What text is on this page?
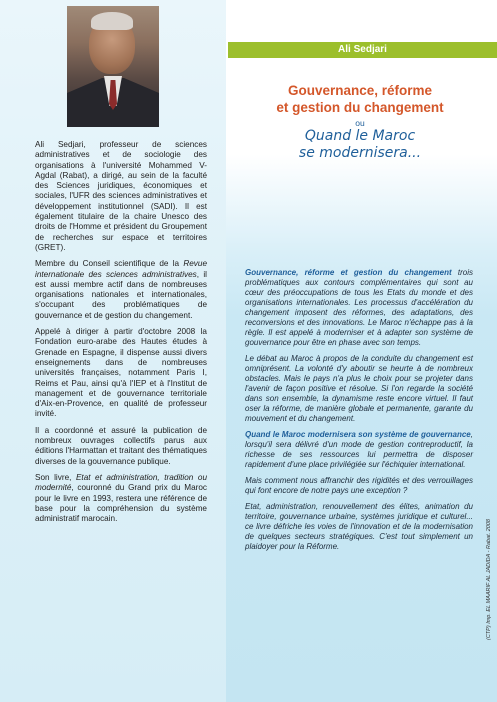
Ali Sedjari
Gouvernance, réforme
et gestion du changement
ou
Quand le Maroc
se modernisera...

Ali Sedjari, professeur de sciences administratives et de sociologie des organisations à l'université Mohammed V-Agdal (Rabat), a dirigé, au sein de la faculté des Sciences juridiques, économiques et sociales, l'UFR des sciences administratives et développement institutionnel (SADI). Il est également titulaire de la chaire Unesco des droits de l'Homme et président du Groupement de recherches sur espace et territoires (GRET).

Membre du Conseil scientifique de la Revue internationale des sciences administratives, il est aussi membre actif dans de nombreuses organisations nationales et internationales, s'occupant des problématiques de gouvernance et de gestion du changement.

Appelé à diriger à partir d'octobre 2008 la Fondation euro-arabe des Hautes études à Grenade en Espagne, il dispense aussi divers enseignements dans de nombreuses universités françaises, notamment Paris I, Reims et Pau, ainsi qu'à l'IEP et à l'Institut de management et de gouvernance territoriale d'Aix-en-Provence, en qualité de professeur invité.

Il a coordonné et assuré la publication de nombreux ouvrages collectifs parus aux éditions l'Harmattan et traitant des thématiques diverses de la gouvernance publique.

Son livre, Etat et administration, tradition ou modernité, couronné du Grand prix du Maroc pour le livre en 1993, restera une référence de base pour la compréhension du système administratif marocain.

Gouvernance, réforme et gestion du changement trois problématiques aux contours complémentaires qui sont au cœur des préoccupations de tous les Etats du monde et des organisations internationales. Les processus d'accélération du changement imposent des réformes, des adaptations, des reconversions et des innovations. Le Maroc n'échappe pas à la règle. Il est appelé à moderniser et à adapter son système de gouvernance pour être en phase avec son temps.

Le débat au Maroc à propos de la conduite du changement est omniprésent. La volonté d'y aboutir se heurte à de nombreux obstacles. Mais le pays n'a plus le choix pour se projeter dans l'avenir de façon positive et résolue. Si l'on regarde la société dans son ensemble, la dynamisme reste encore virtuel. Il faut oser la réforme, de manière globale et permanente, garante du mouvement et du changement.

Quand le Maroc modernisera son système de gouvernance, lorsqu'il sera délivré d'un mode de gestion contreproductif, la richesse de ses ressources lui permettra de disposer rapidement d'une place privilégiée sur l'échiquier international.

Mais comment nous affranchir des rigidités et des verrouillages qui font encore de notre pays une exception ?

Etat, administration, renouvellement des élites, animation du territoire, gouvernance urbaine, systèmes juridique et culturel... ce livre défriche les voies de l'innovation et de la modernisation de quelques secteurs stratégiques. C'est tout simplement un plaidoyer pour la Réforme.	(CTP) Imp. EL MAARIF AL JADIDA - Rabat. 2008
